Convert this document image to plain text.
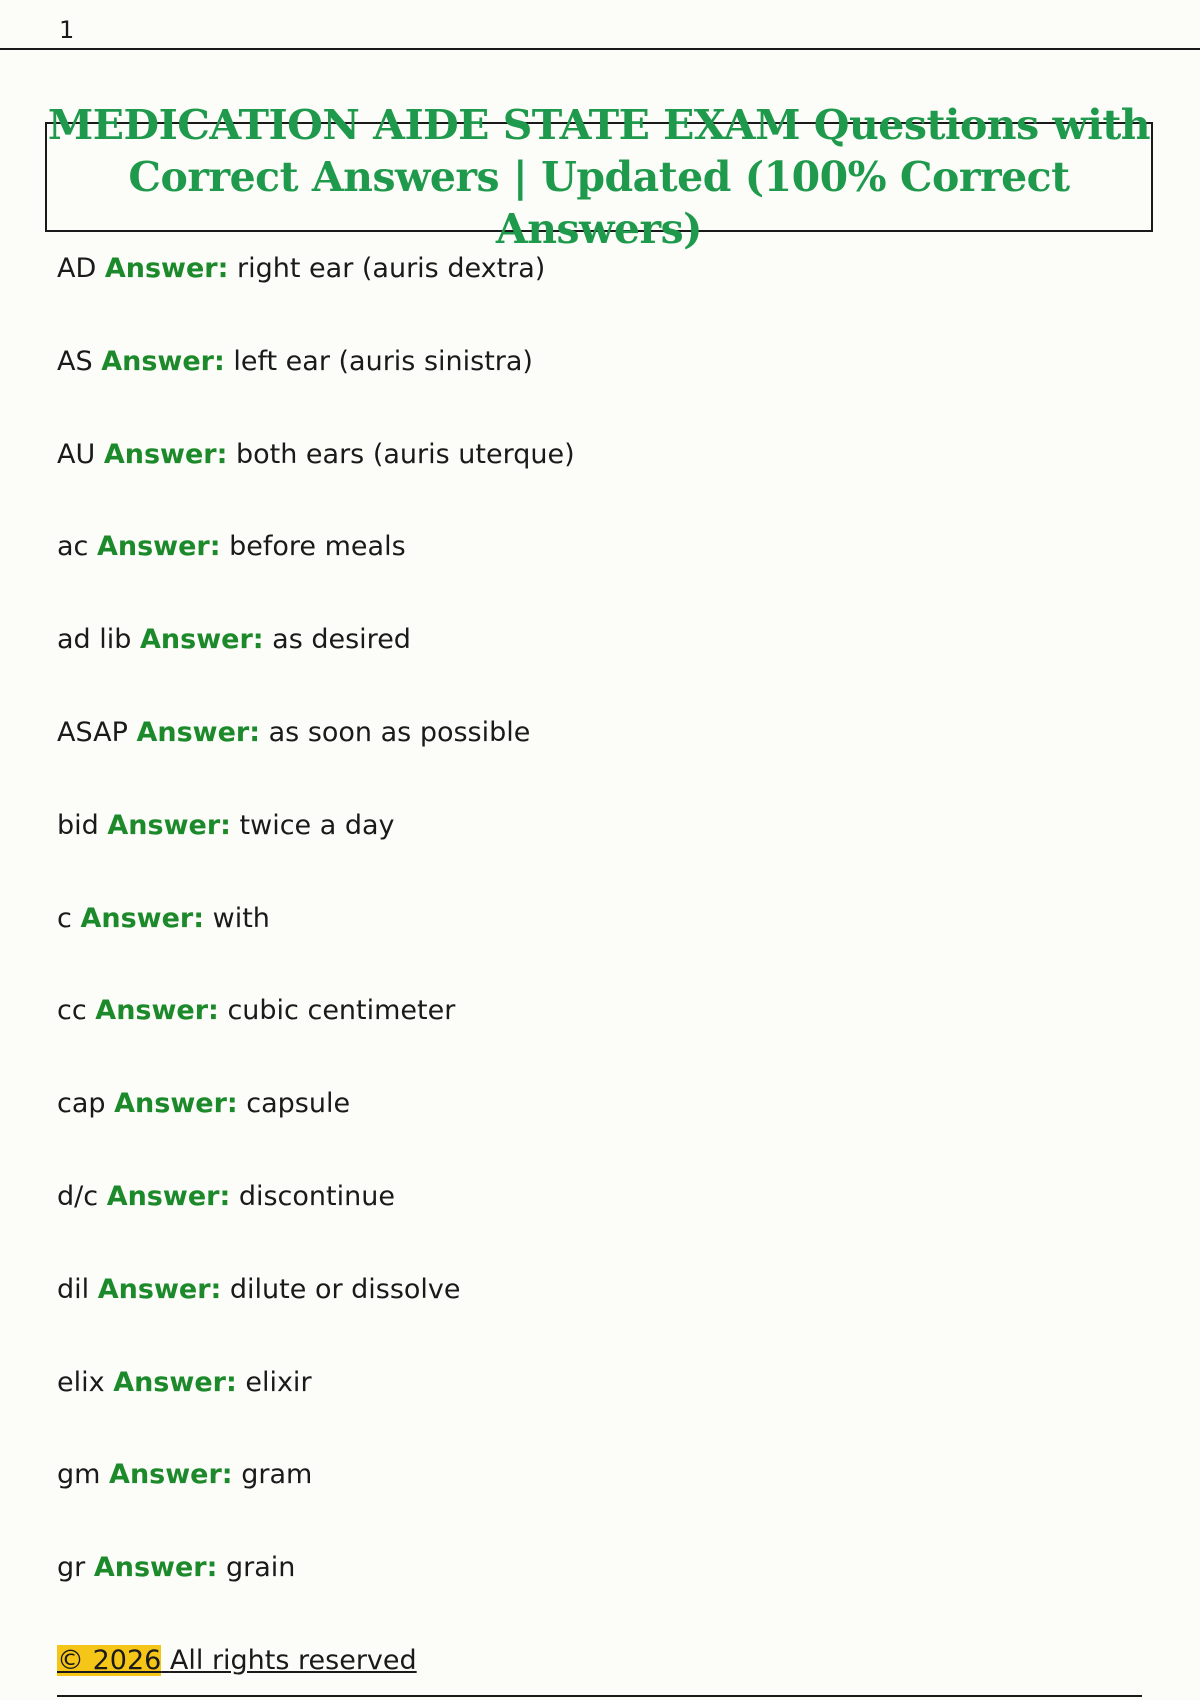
1
MEDICATION AIDE STATE EXAM Questions with Correct Answers | Updated (100% Correct Answers)
AD Answer: right ear (auris dextra)
AS Answer: left ear (auris sinistra)
AU Answer: both ears (auris uterque)
ac Answer: before meals
ad lib Answer: as desired
ASAP Answer: as soon as possible
bid Answer: twice a day
c Answer: with
cc Answer: cubic centimeter
cap Answer: capsule
d/c Answer: discontinue
dil Answer: dilute or dissolve
elix Answer: elixir
gm Answer: gram
gr Answer: grain
© 2026 All rights reserved
